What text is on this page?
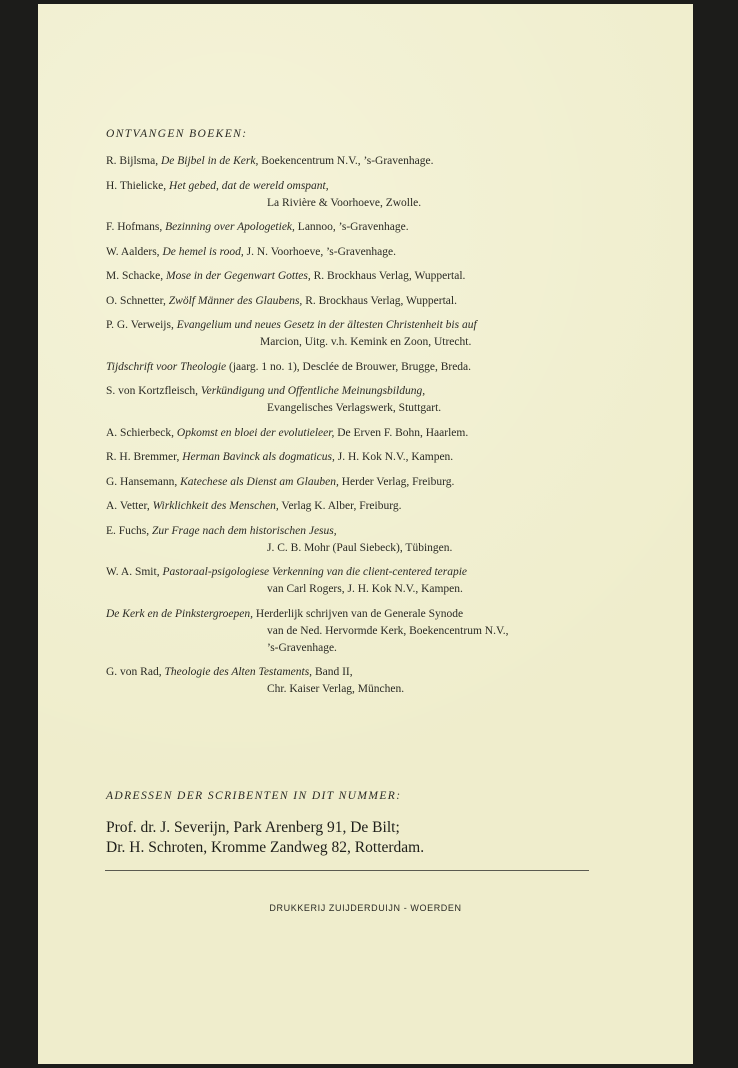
ONTVANGEN BOEKEN:
R. Bijlsma, De Bijbel in de Kerk, Boekencentrum N.V., ’s-Gravenhage.
H. Thielicke, Het gebed, dat de wereld omspant,
La Rivière & Voorhoeve, Zwolle.
F. Hofmans, Bezinning over Apologetiek, Lannoo, ’s-Gravenhage.
W. Aalders, De hemel is rood, J. N. Voorhoeve, ’s-Gravenhage.
M. Schacke, Mose in der Gegenwart Gottes, R. Brockhaus Verlag, Wuppertal.
O. Schnetter, Zwölf Männer des Glaubens, R. Brockhaus Verlag, Wuppertal.
P. G. Verweijs, Evangelium und neues Gesetz in der ältesten Christenheit bis auf
Marcion, Uitg. v.h. Kemink en Zoon, Utrecht.
Tijdschrift voor Theologie (jaarg. 1 no. 1), Desclée de Brouwer, Brugge, Breda.
S. von Kortzfleisch, Verkündigung und Offentliche Meinungsbildung,
Evangelisches Verlagswerk, Stuttgart.
A. Schierbeck, Opkomst en bloei der evolutieleer, De Erven F. Bohn, Haarlem.
R. H. Bremmer, Herman Bavinck als dogmaticus, J. H. Kok N.V., Kampen.
G. Hansemann, Katechese als Dienst am Glauben, Herder Verlag, Freiburg.
A. Vetter, Wirklichkeit des Menschen, Verlag K. Alber, Freiburg.
E. Fuchs, Zur Frage nach dem historischen Jesus,
J. C. B. Mohr (Paul Siebeck), Tübingen.
W. A. Smit, Pastoraal-psigologiese Verkenning van die client-centered terapie
van Carl Rogers, J. H. Kok N.V., Kampen.
De Kerk en de Pinkstergroepen, Herderlijk schrijven van de Generale Synode
van de Ned. Hervormde Kerk, Boekencentrum N.V.,
’s-Gravenhage.
G. von Rad, Theologie des Alten Testaments, Band II,
Chr. Kaiser Verlag, München.
ADRESSEN DER SCRIBENTEN IN DIT NUMMER:
Prof. dr. J. Severijn, Park Arenberg 91, De Bilt;
Dr. H. Schroten, Kromme Zandweg 82, Rotterdam.
DRUKKERIJ ZUIJDERDUIJN - WOERDEN
